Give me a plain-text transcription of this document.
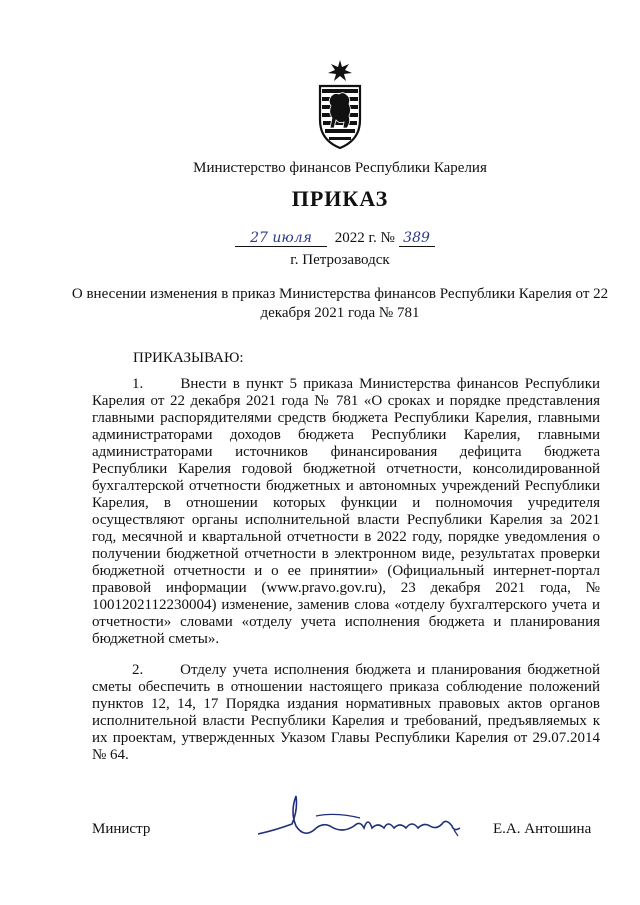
Министерство финансов Республики Карелия
ПРИКАЗ
27 июля 2022 г. № 389
г. Петрозаводск
О внесении изменения в приказ Министерства финансов Республики Карелия от 22 декабря 2021 года № 781
ПРИКАЗЫВАЮ:
1. Внести в пункт 5 приказа Министерства финансов Республики Карелия от 22 декабря 2021 года № 781 «О сроках и порядке представления главными распорядителями средств бюджета Республики Карелия, главными администраторами доходов бюджета Республики Карелия, главными администраторами источников финансирования дефицита бюджета Республики Карелия годовой бюджетной отчетности, консолидированной бухгалтерской отчетности бюджетных и автономных учреждений Республики Карелия, в отношении которых функции и полномочия учредителя осуществляют органы исполнительной власти Республики Карелия за 2021 год, месячной и квартальной отчетности в 2022 году, порядке уведомления о получении бюджетной отчетности в электронном виде, результатах проверки бюджетной отчетности и о ее принятии» (Официальный интернет-портал правовой информации (www.pravo.gov.ru), 23 декабря 2021 года, № 1001202112230004) изменение, заменив слова «отделу бухгалтерского учета и отчетности» словами «отделу учета исполнения бюджета и планирования бюджетной сметы».
2. Отделу учета исполнения бюджета и планирования бюджетной сметы обеспечить в отношении настоящего приказа соблюдение положений пунктов 12, 14, 17 Порядка издания нормативных правовых актов органов исполнительной власти Республики Карелия и требований, предъявляемых к их проектам, утвержденных Указом Главы Республики Карелия от 29.07.2014 № 64.
Министр	Е.А. Антошина
